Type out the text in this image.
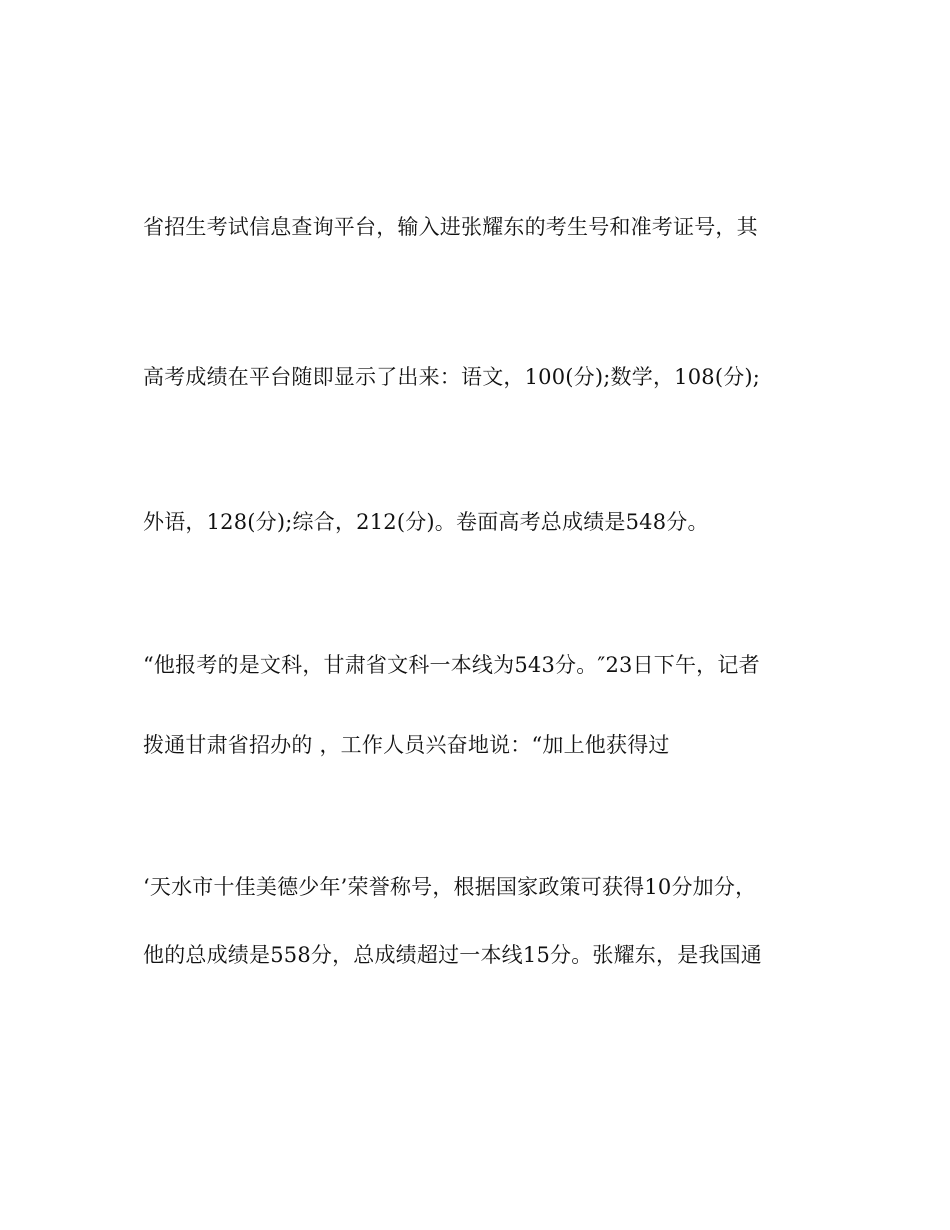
省招生考试信息查询平台，输入进张耀东的考生号和准考证号，其
高考成绩在平台随即显示了出来：语文，100(分);数学，108(分);
外语，128(分);综合，212(分)。卷面高考总成绩是548分。
“他报考的是文科，甘肃省文科一本线为543分。″23日下午，记者
拨通甘肃省招办的 ，工作人员兴奋地说：“加上他获得过
‘天水市十佳美德少年’荣誉称号，根据国家政策可获得10分加分，
他的总成绩是558分，总成绩超过一本线15分。张耀东，是我国通
